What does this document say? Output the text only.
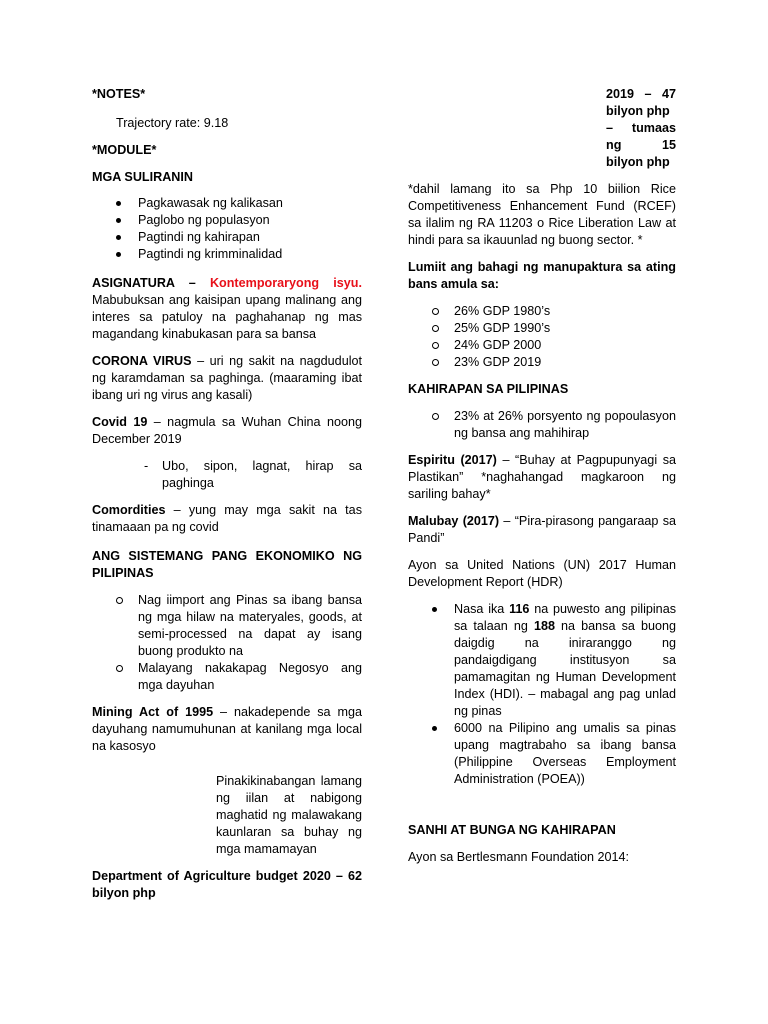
*NOTES*

Trajectory rate: 9.18

*MODULE*

MGA SULIRANIN

Pagkawasak ng kalikasan
Paglobo ng populasyon
Pagtindi ng kahirapan
Pagtindi ng krimminalidad

ASIGNATURA – Kontemporaryong isyu. Mabubuksan ang kaisipan upang malinang ang interes sa patuloy na paghahanap ng mas magandang kinabukasan para sa bansa

CORONA VIRUS – uri ng sakit na nagdudulot ng karamdaman sa paghinga. (maaraming ibat ibang uri ng virus ang kasali)

Covid 19 – nagmula sa Wuhan China noong December 2019

-	Ubo, sipon, lagnat, hirap sa paghinga

Comordities – yung may mga sakit na tas tinamaaan pa ng covid

ANG SISTEMANG PANG EKONOMIKO NG PILIPINAS

Nag iimport ang Pinas sa ibang bansa ng mga hilaw na materyales, goods, at semi-processed na dapat ay isang buong produkto na
Malayang nakakapag Negosyo ang mga dayuhan

Mining Act of 1995 – nakadepende sa mga dayuhang namumuhunan at kanilang mga local na kasosyo

Pinakikinabangan lamang ng iilan at nabigong maghatid ng malawakang kaunlaran sa buhay ng mga mamamayan

Department of Agriculture budget 2020 – 62 bilyon php

2019 – 47 bilyon php

– tumaas ng 15 bilyon php

*dahil lamang ito sa Php 10 biilion Rice Competitiveness Enhancement Fund (RCEF) sa ilalim ng RA 11203 o Rice Liberation Law at hindi para sa ikauunlad ng buong sector. *

Lumiit ang bahagi ng manupaktura sa ating bans amula sa:

26% GDP 1980’s
25% GDP 1990’s
24% GDP 2000
23% GDP 2019

KAHIRAPAN SA PILIPINAS

23% at 26% porsyento ng popoulasyon ng bansa ang mahihirap

Espiritu (2017) – “Buhay at Pagpupunyagi sa Plastikan” *naghahangad magkaroon ng sariling bahay*

Malubay (2017) – “Pira-pirasong pangaraap sa Pandi”

Ayon sa United Nations (UN) 2017 Human Development Report (HDR)

Nasa ika 116 na puwesto ang pilipinas sa talaan ng 188 na bansa sa buong daigdig na iniraranggo ng pandaigdigang institusyon sa pamamagitan ng Human Development Index (HDI). – mabagal ang pag unlad ng pinas
6000 na Pilipino ang umalis sa pinas upang magtrabaho sa ibang bansa (Philippine Overseas Employment Administration (POEA))

SANHI AT BUNGA NG KAHIRAPAN

Ayon sa Bertlesmann Foundation 2014:
